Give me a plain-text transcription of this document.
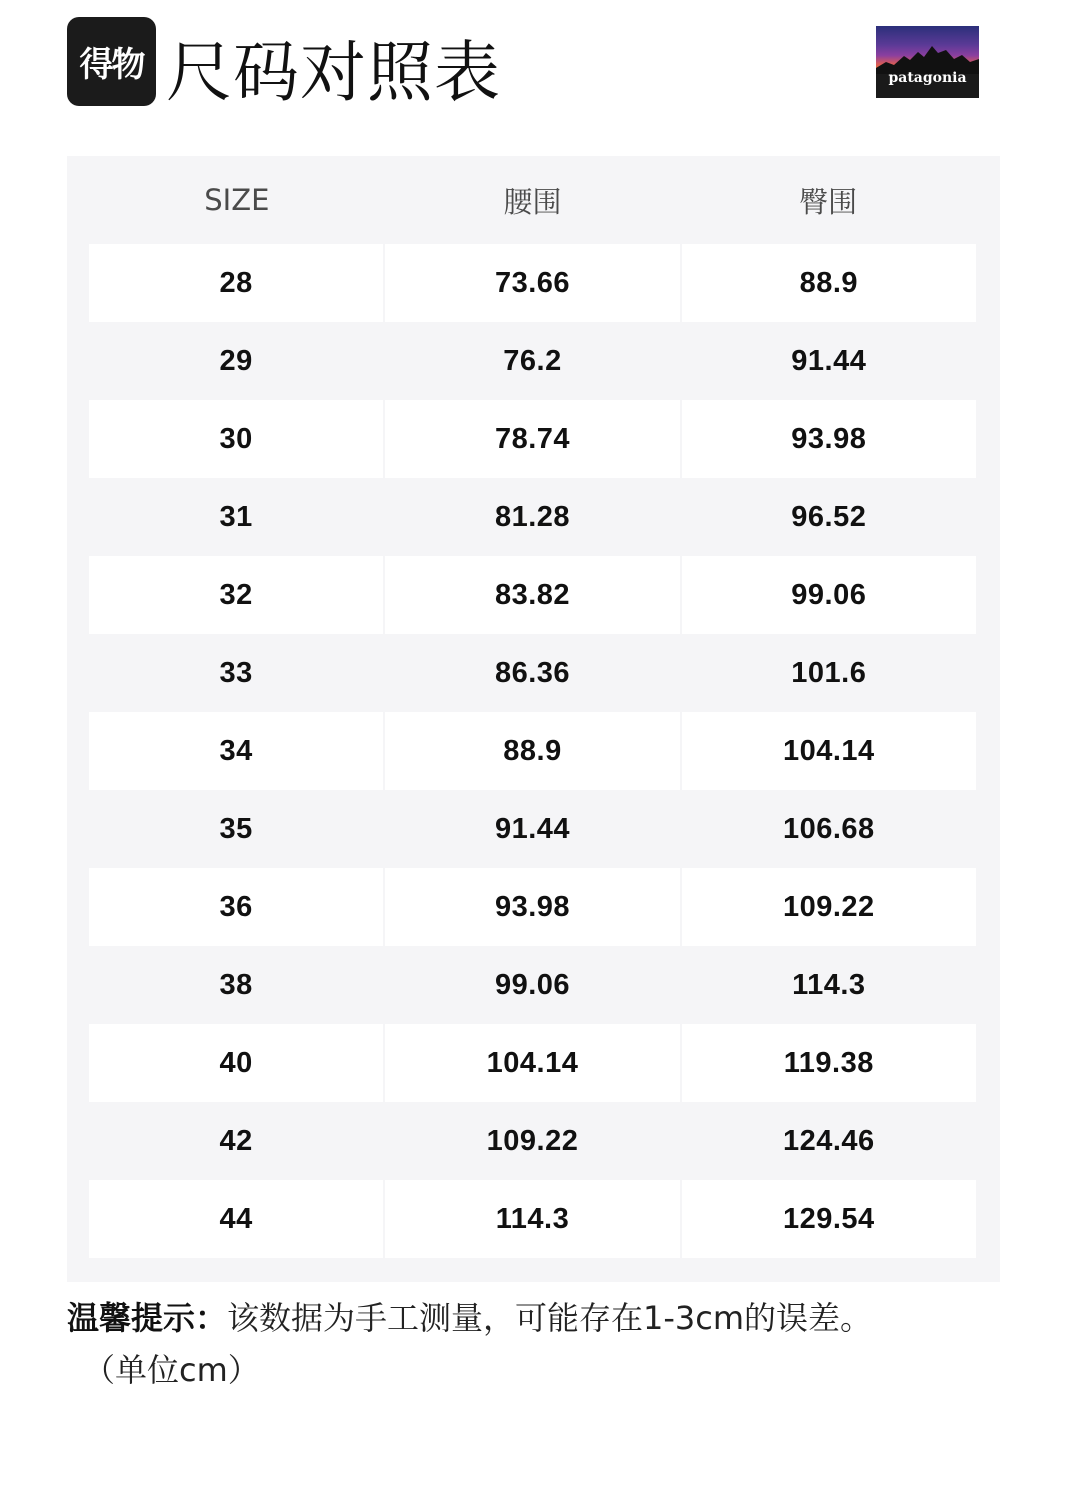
得物 尺码对照表	patagonia
SIZE	腰围	臀围
28	73.66	88.9
29	76.2	91.44
30	78.74	93.98
31	81.28	96.52
32	83.82	99.06
33	86.36	101.6
34	88.9	104.14
35	91.44	106.68
36	93.98	109.22
38	99.06	114.3
40	104.14	119.38
42	109.22	124.46
44	114.3	129.54
温馨提示：该数据为手工测量，可能存在1-3cm的误差。
（单位cm）
